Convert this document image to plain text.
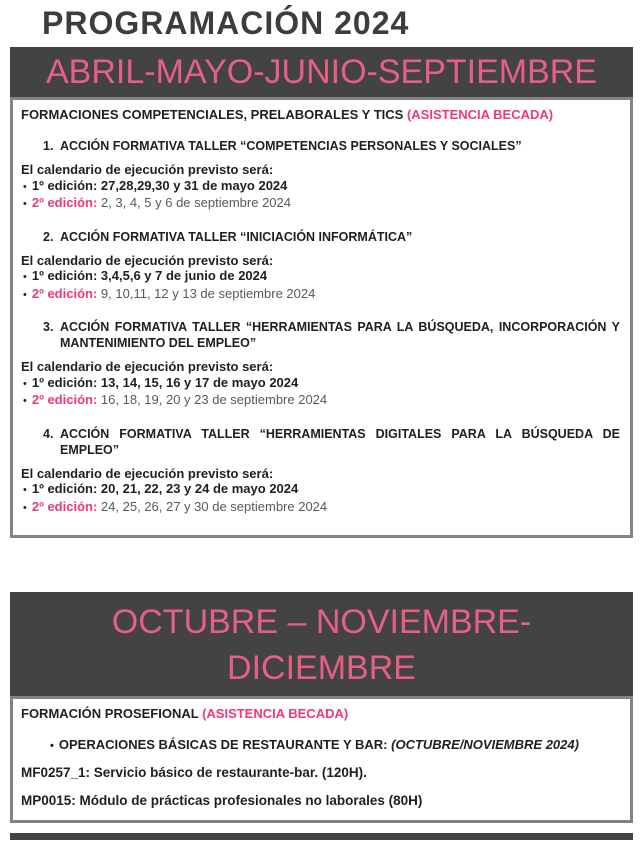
PROGRAMACIÓN 2024
ABRIL-MAYO-JUNIO-SEPTIEMBRE
FORMACIONES COMPETENCIALES, PRELABORALES Y TICS (ASISTENCIA BECADA)
1. ACCIÓN FORMATIVA TALLER “COMPETENCIAS PERSONALES Y SOCIALES”
El calendario de ejecución previsto será:
• 1º edición: 27,28,29,30 y 31 de mayo 2024
• 2º edición: 2, 3, 4, 5 y 6 de septiembre 2024
2. ACCIÓN FORMATIVA TALLER “INICIACIÓN INFORMÁTICA”
El calendario de ejecución previsto será:
• 1º edición: 3,4,5,6 y 7 de junio de 2024
• 2º edición: 9, 10,11, 12 y 13 de septiembre 2024
3. ACCIÓN FORMATIVA TALLER “HERRAMIENTAS PARA LA BÚSQUEDA, INCORPORACIÓN Y MANTENIMIENTO DEL EMPLEO”
El calendario de ejecución previsto será:
• 1º edición: 13, 14, 15, 16 y 17 de mayo 2024
• 2º edición: 16, 18, 19, 20 y 23 de septiembre 2024
4. ACCIÓN FORMATIVA TALLER “HERRAMIENTAS DIGITALES PARA LA BÚSQUEDA DE EMPLEO”
El calendario de ejecución previsto será:
• 1º edición: 20, 21, 22, 23 y 24 de mayo 2024
• 2º edición: 24, 25, 26, 27 y 30 de septiembre 2024
OCTUBRE – NOVIEMBRE-
DICIEMBRE
FORMACIÓN PROSEFIONAL (ASISTENCIA BECADA)
• OPERACIONES BÁSICAS DE RESTAURANTE Y BAR: (OCTUBRE/NOVIEMBRE 2024)
MF0257_1: Servicio básico de restaurante-bar. (120H).
MP0015: Módulo de prácticas profesionales no laborales (80H)
